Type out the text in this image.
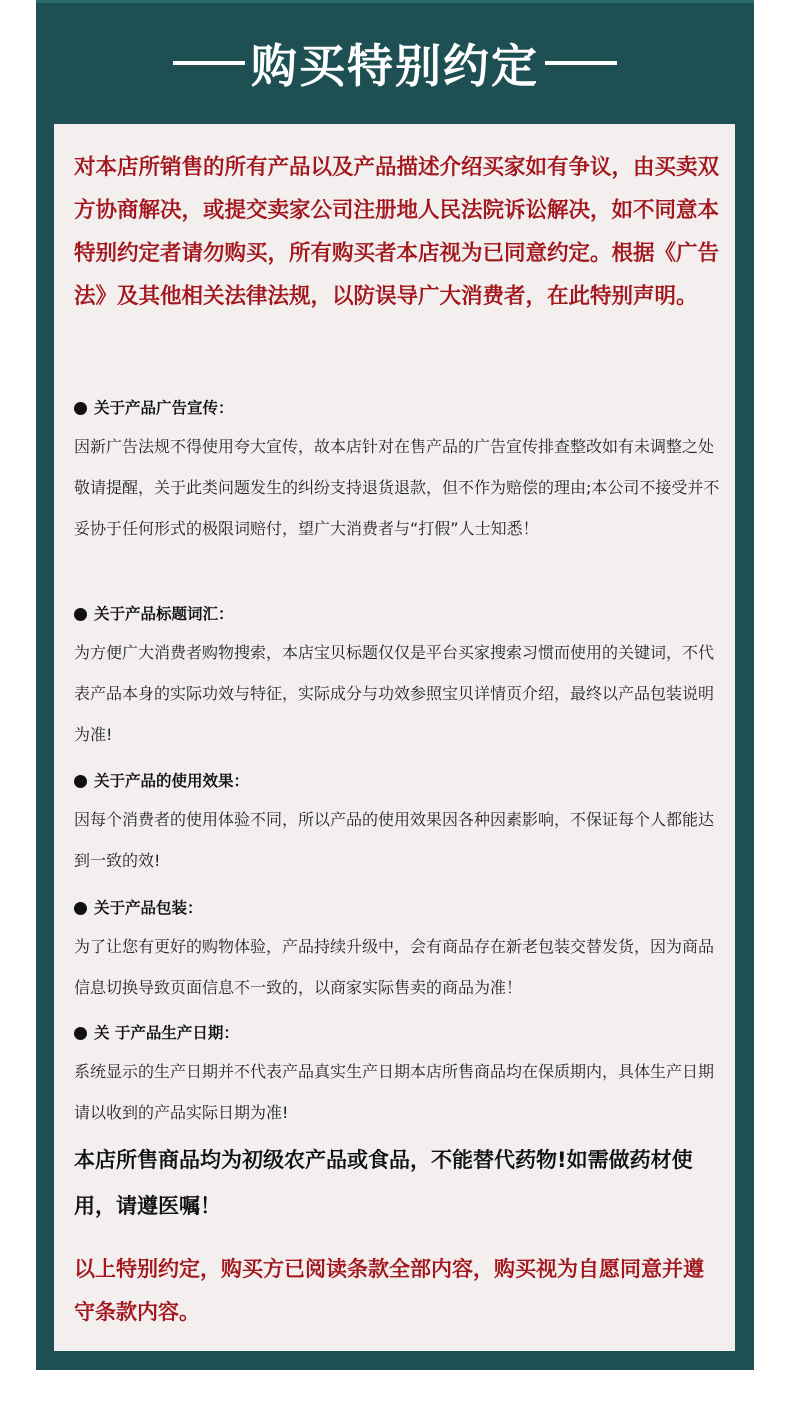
购买特别约定
对本店所销售的所有产品以及产品描述介绍买家如有争议，由买卖双方协商解决，或提交卖家公司注册地人民法院诉讼解决，如不同意本特别约定者请勿购买，所有购买者本店视为已同意约定。根据《广告法》及其他相关法律法规，以防误导广大消费者，在此特别声明。
关于产品广告宣传：
因新广告法规不得使用夸大宣传，故本店针对在售产品的广告宣传排查整改如有未调整之处敬请提醒，关于此类问题发生的纠纷支持退货退款，但不作为赔偿的理由;本公司不接受并不妥协于任何形式的极限词赔付，望广大消费者与“打假”人士知悉！
关于产品标题词汇：
为方便广大消费者购物搜索，本店宝贝标题仅仅是平台买家搜索习惯而使用的关键词，不代表产品本身的实际功效与特征，实际成分与功效参照宝贝详情页介绍，最终以产品包装说明为准!
关于产品的使用效果：
因每个消费者的使用体验不同，所以产品的使用效果因各种因素影响，不保证每个人都能达到一致的效!
关于产品包装：
为了让您有更好的购物体验，产品持续升级中，会有商品存在新老包装交替发货，因为商品信息切换导致页面信息不一致的，以商家实际售卖的商品为准！
关 于产品生产日期：
系统显示的生产日期并不代表产品真实生产日期本店所售商品均在保质期内，具体生产日期请以收到的产品实际日期为准!
本店所售商品均为初级农产品或食品，不能替代药物!如需做药材使用，请遵医嘱！
以上特别约定，购买方已阅读条款全部内容，购买视为自愿同意并遵守条款内容。
